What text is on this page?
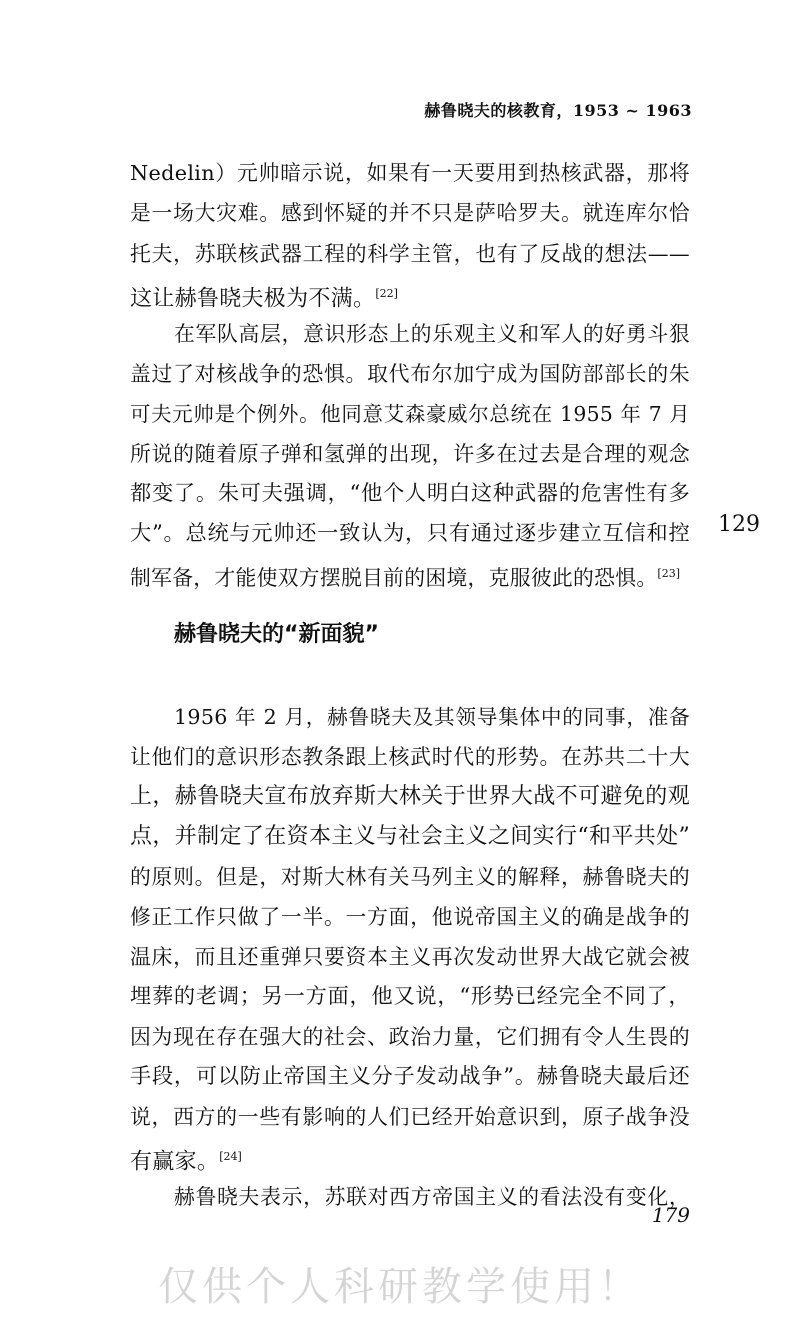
赫鲁晓夫的核教育，1953 ~ 1963
Nedelin）元帅暗示说，如果有一天要用到热核武器，那将
是一场大灾难。感到怀疑的并不只是萨哈罗夫。就连库尔恰
托夫，苏联核武器工程的科学主管，也有了反战的想法——
这让赫鲁晓夫极为不满。[22]
在军队高层，意识形态上的乐观主义和军人的好勇斗狠
盖过了对核战争的恐惧。取代布尔加宁成为国防部部长的朱
可夫元帅是个例外。他同意艾森豪威尔总统在 1955 年 7 月
所说的随着原子弹和氢弹的出现，许多在过去是合理的观念
都变了。朱可夫强调，“他个人明白这种武器的危害性有多
大”。总统与元帅还一致认为，只有通过逐步建立互信和控
制军备，才能使双方摆脱目前的困境，克服彼此的恐惧。[23]
129
赫鲁晓夫的“新面貌”
1956 年 2 月，赫鲁晓夫及其领导集体中的同事，准备
让他们的意识形态教条跟上核武时代的形势。在苏共二十大
上，赫鲁晓夫宣布放弃斯大林关于世界大战不可避免的观
点，并制定了在资本主义与社会主义之间实行“和平共处”
的原则。但是，对斯大林有关马列主义的解释，赫鲁晓夫的
修正工作只做了一半。一方面，他说帝国主义的确是战争的
温床，而且还重弹只要资本主义再次发动世界大战它就会被
埋葬的老调；另一方面，他又说，“形势已经完全不同了，
因为现在存在强大的社会、政治力量，它们拥有令人生畏的
手段，可以防止帝国主义分子发动战争”。赫鲁晓夫最后还
说，西方的一些有影响的人们已经开始意识到，原子战争没
有赢家。[24]
赫鲁晓夫表示，苏联对西方帝国主义的看法没有变化，
179
仅供个人科研教学使用！
